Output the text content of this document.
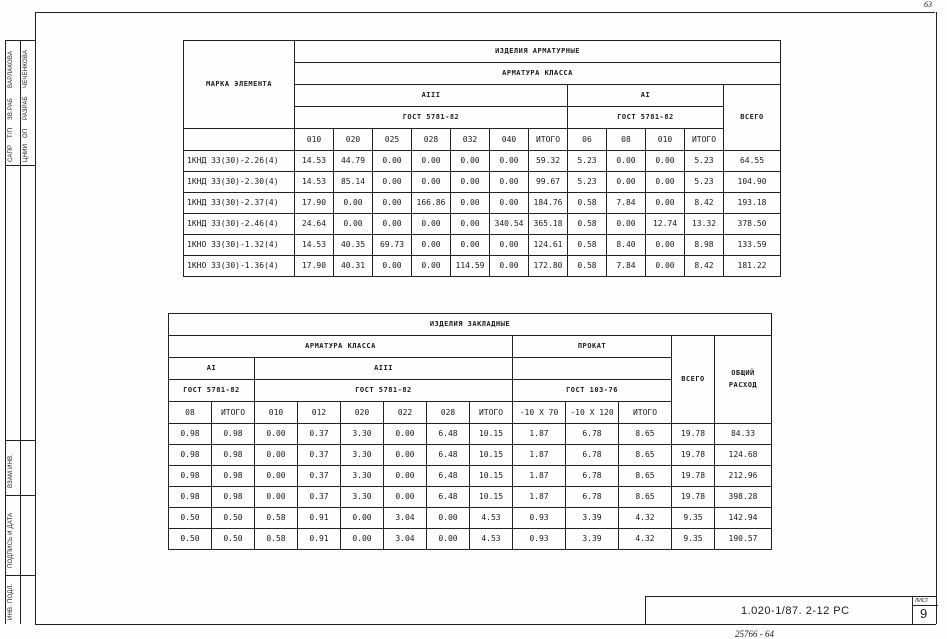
63
САПР ЦНИИ
Т/П ОП
ЗВ.РАБ РАЗРАБ
ВАРЛАКОВА ЧЕЧЕНКОВА
ВЗАМ.ИНВ.
ПОДПИСЬ И ДАТА
ИНВ. ПОДЛ.
МАРКА ЭЛЕМЕНТА	ИЗДЕЛИЯ АРМАТУРНЫЕ											
	АРМАТУРА КЛАССА											
	АIII							АI				ВСЕГО
	ГОСТ 5781-82							ГОСТ 5781-82				
	010	020	025	028	032	040	ИТОГО	06	08	010	ИТОГО	
1КНД 33(30)-2.26(4)	14.53	44.79	0.00	0.00	0.00	0.00	59.32	5.23	0.00	0.00	5.23	64.55
1КНД 33(30)-2.30(4)	14.53	85.14	0.00	0.00	0.00	0.00	99.67	5.23	0.00	0.00	5.23	104.90
1КНД 33(30)-2.37(4)	17.90	0.00	0.00	166.86	0.00	0.00	184.76	0.58	7.84	0.00	8.42	193.18
1КНД 33(30)-2.46(4)	24.64	0.00	0.00	0.00	0.00	340.54	365.18	0.58	0.00	12.74	13.32	378.50
1КНО 33(30)-1.32(4)	14.53	40.35	69.73	0.00	0.00	0.00	124.61	0.58	8.40	0.00	8.98	133.59
1КНО 33(30)-1.36(4)	17.90	40.31	0.00	0.00	114.59	0.00	172.80	0.58	7.84	0.00	8.42	181.22
ИЗДЕЛИЯ ЗАКЛАДНЫЕ												
АРМАТУРА КЛАССА								ПРОКАТ			ВСЕГО	ОБЩИЙ
РАСХОД
АI		АIII										
ГОСТ 5781-82		ГОСТ 5781-82						ГОСТ 103-76				
08	ИТОГО	010	012	020	022	028	ИТОГО	-10 Х 70	-10 Х 120	ИТОГО		
0.98	0.98	0.00	0.37	3.30	0.00	6.48	10.15	1.87	6.78	8.65	19.78	84.33
0.98	0.98	0.00	0.37	3.30	0.00	6.48	10.15	1.87	6.78	8.65	19.78	124.68
0.98	0.98	0.00	0.37	3.30	0.00	6.48	10.15	1.87	6.78	8.65	19.78	212.96
0.98	0.98	0.00	0.37	3.30	0.00	6.48	10.15	1.87	6.78	8.65	19.78	398.28
0.50	0.50	0.58	0.91	0.00	3.04	0.00	4.53	0.93	3.39	4.32	9.35	142.94
0.50	0.50	0.58	0.91	0.00	3.04	0.00	4.53	0.93	3.39	4.32	9.35	190.57
1.020-1/87. 2-12 PC
ЛИСТ
9
25766 - 64
